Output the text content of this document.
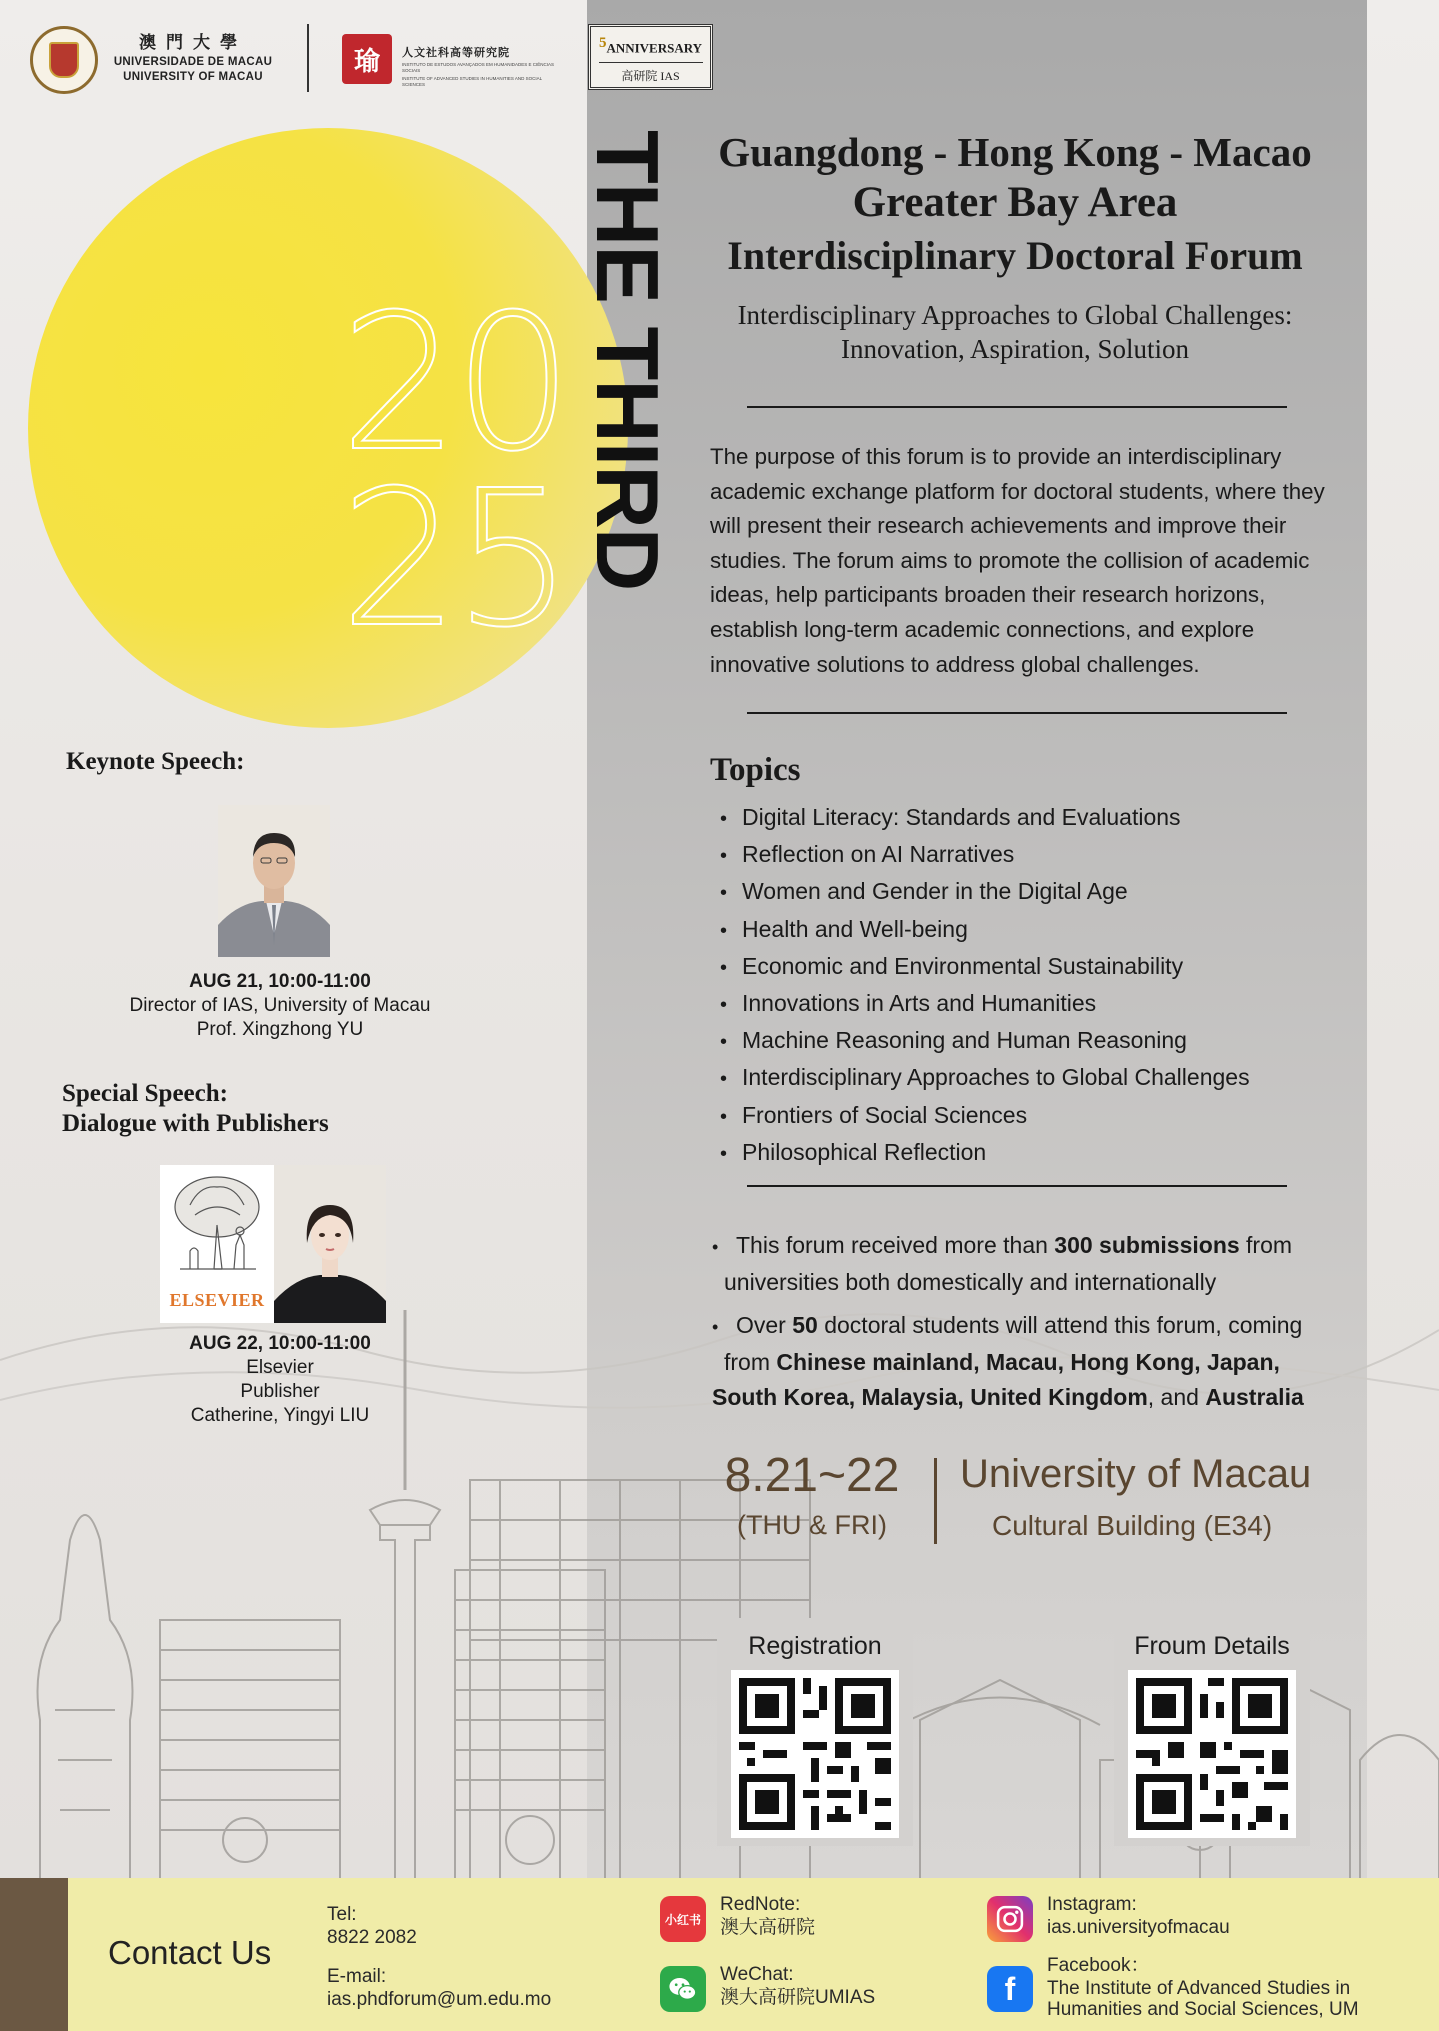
澳門大學
UNIVERSIDADE DE MACAU
UNIVERSITY OF MACAU
瑜	人文社科高等研究院
INSTITUTO DE ESTUDOS AVANÇADOS EM HUMANIDADES E CIÊNCIAS SOCIAIS
INSTITUTE OF ADVANCED STUDIES IN HUMANITIES AND SOCIAL SCIENCES
$^5$ANNIVERSARY
高研院 IAS
20
25 THE THIRD	Guangdong - Hong Kong - Macao
Greater Bay Area
Interdisciplinary Doctoral Forum
Interdisciplinary Approaches to Global Challenges:
Innovation, Aspiration, Solution

The purpose of this forum is to provide an interdisciplinary academic exchange platform for doctoral students, where they will present their research achievements and improve their studies. The forum aims to promote the collision of academic ideas, help participants broaden their research horizons, establish long-term academic connections, and explore innovative solutions to address global challenges.

Topics
• Digital Literacy: Standards and Evaluations
• Reflection on AI Narratives
• Women and Gender in the Digital Age
• Health and Well-being
• Economic and Environmental Sustainability
• Innovations in Arts and Humanities
• Machine Reasoning and Human Reasoning
• Interdisciplinary Approaches to Global Challenges
• Frontiers of Social Sciences
• Philosophical Reflection
• This forum received more than 300 submissions from
universities both domestically and internationally
• Over 50 doctoral students will attend this forum, coming
from Chinese mainland, Macau, Hong Kong, Japan,
South Korea, Malaysia, United Kingdom, and Australia
8.21~22
(THU & FRI)
University of Macau
Cultural Building (E34)
Registration	Froum Details
Keynote Speech:
AUG 21, 10:00-11:00
Director of IAS, University of Macau
Prof. Xingzhong YU
Special Speech:
Dialogue with Publishers
ELSEVIER
AUG 22, 10:00-11:00
Elsevier
Publisher
Catherine, Yingyi LIU
Contact Us
Tel:
8822 2082
E-mail:
ias.phdforum@um.edu.mo
小红书
RedNote:
澳大高研院
WeChat:
澳大高研院UMIAS
Instagram:
ias.universityofmacau
f
Facebook：
The Institute of Advanced Studies in
Humanities and Social Sciences, UM
